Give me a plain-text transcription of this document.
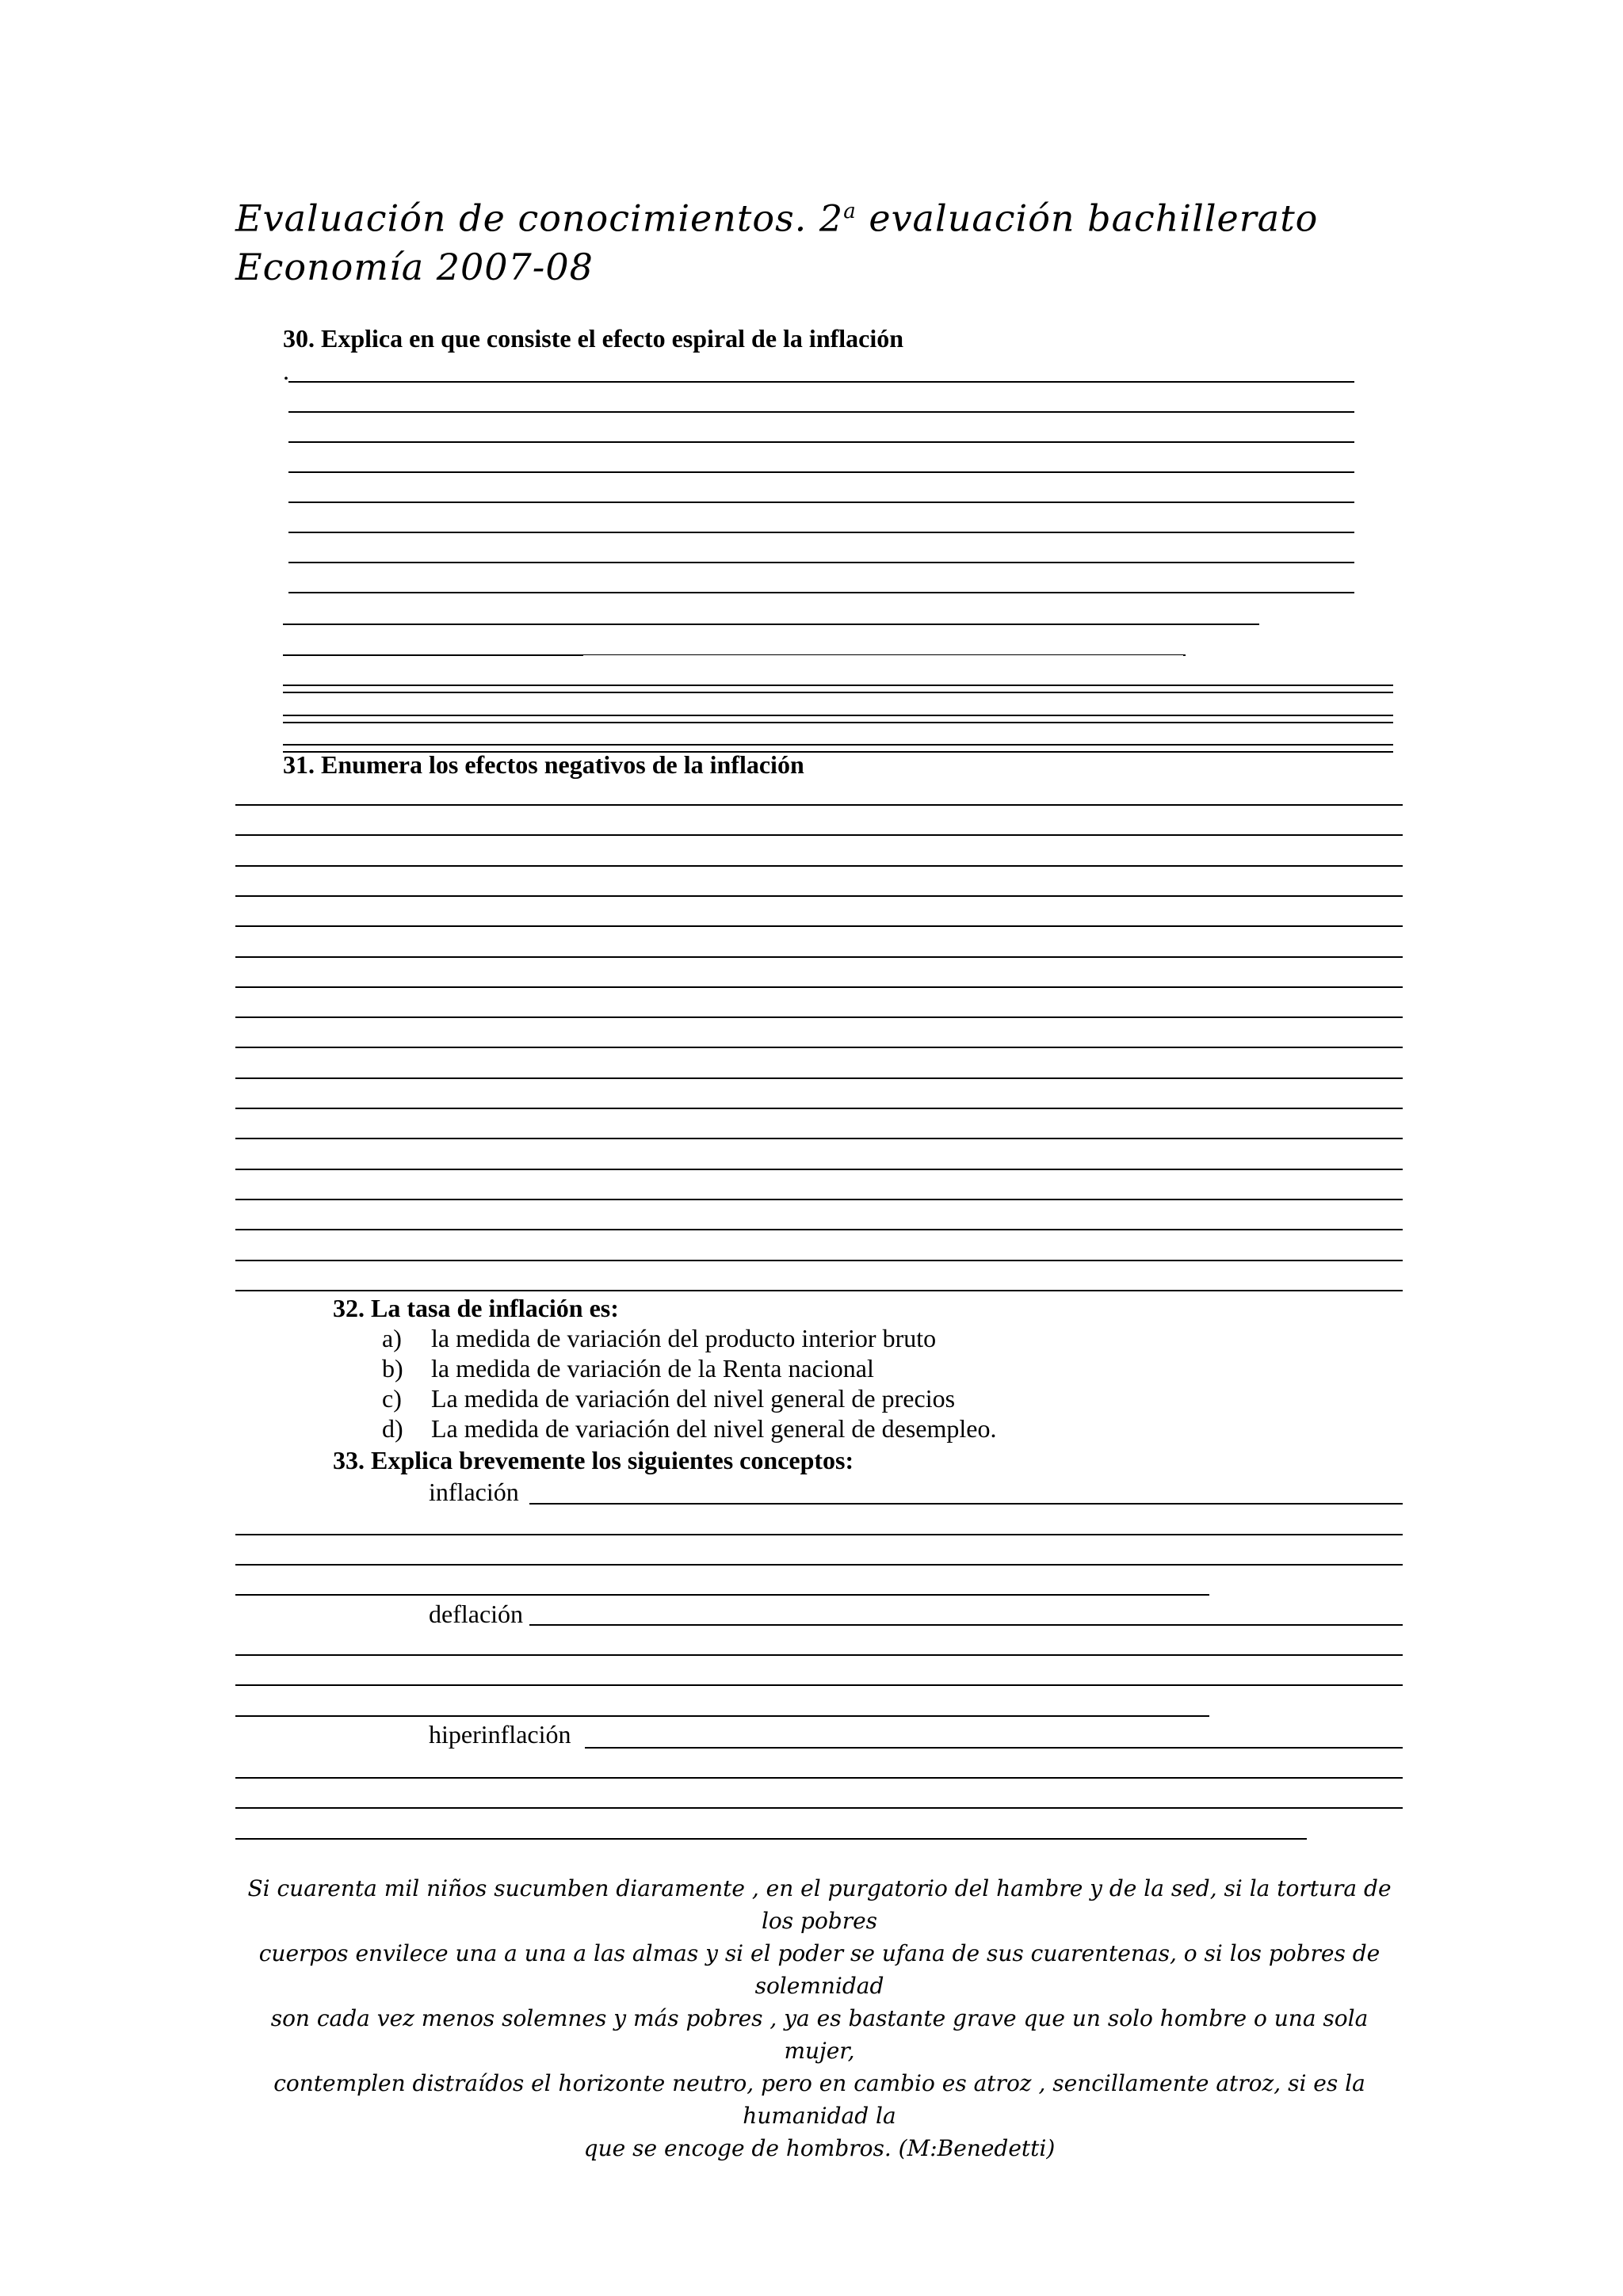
Evaluación de conocimientos. 2$^a$ evaluación bachillerato
Economía 2007-08
30. Explica en que consiste el efecto espiral de la inflación
.
31. Enumera los efectos negativos de la inflación
32. La tasa de inflación es:
a) la medida de variación del producto interior bruto
b) la medida de variación de la Renta nacional
c) La medida de variación del nivel general de precios
d) La medida de variación del nivel general de desempleo.
33. Explica brevemente los siguientes conceptos:
inflación
deflación
hiperinflación
Si cuarenta mil niños sucumben diaramente , en el purgatorio del hambre y de la sed, si la tortura de los pobres
cuerpos envilece una a una a las almas y si el poder se ufana de sus cuarentenas, o si los pobres de solemnidad
son cada vez menos solemnes y más pobres , ya es bastante grave que un solo hombre o una sola mujer,
contemplen distraídos el horizonte neutro, pero en cambio es atroz , sencillamente atroz, si es la humanidad la
que se encoge de hombros. (M:Benedetti)
